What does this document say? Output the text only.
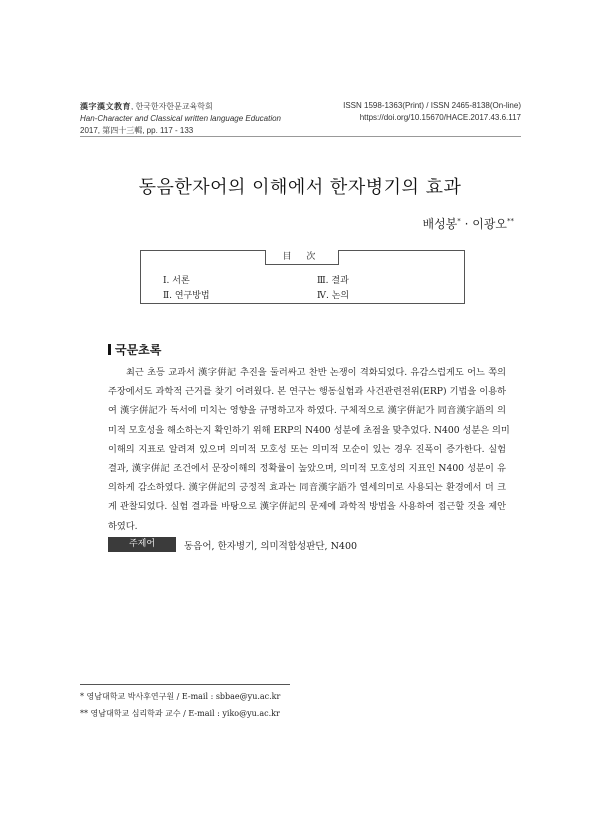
漢字漢文教育, 한국한자한문교육학회
Han-Character and Classical written language Education
2017, 第四十三輯, pp. 117 - 133
ISSN 1598-1363(Print) / ISSN 2465-8138(On-line)
https://doi.org/10.15670/HACE.2017.43.6.117
동음한자어의 이해에서 한자병기의 효과
배성봉* · 이광오**
目 次
Ⅰ. 서론	Ⅲ. 결과
Ⅱ. 연구방법	Ⅳ. 논의
국문초록
최근 초등 교과서 漢字倂記 추진을 둘러싸고 찬반 논쟁이 격화되었다. 유감스럽게도 어느 쪽의
주장에서도 과학적 근거를 찾기 어려웠다. 본 연구는 행동실험과 사건관련전위(ERP) 기법을 이용하
여 漢字倂記가 독서에 미치는 영향을 규명하고자 하였다. 구체적으로 漢字倂記가 同音漢字語의 의
미적 모호성을 해소하는지 확인하기 위해 ERP의 N400 성분에 초점을 맞추었다. N400 성분은 의미
이해의 지표로 알려져 있으며 의미적 모호성 또는 의미적 모순이 있는 경우 진폭이 증가한다. 실험
결과, 漢字倂記 조건에서 문장이해의 정확률이 높았으며, 의미적 모호성의 지표인 N400 성분이 유
의하게 감소하였다. 漢字倂記의 긍정적 효과는 同音漢字語가 열세의미로 사용되는 환경에서 더 크
게 관찰되었다. 실험 결과를 바탕으로 漢字倂記의 문제에 과학적 방법을 사용하여 접근할 것을 제안
하였다.
주제어	동음어, 한자병기, 의미적합성판단, N400
* 영남대학교 박사후연구원 / E-mail : sbbae@yu.ac.kr
** 영남대학교 심리학과 교수 / E-mail : yiko@yu.ac.kr
